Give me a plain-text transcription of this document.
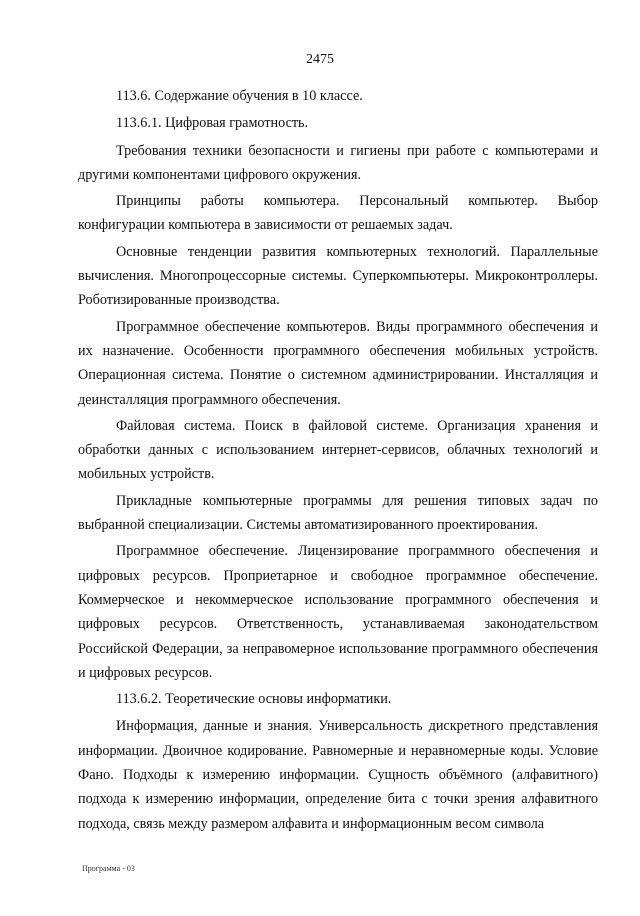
2475

113.6. Содержание обучения в 10 классе.

113.6.1. Цифровая грамотность.

Требования техники безопасности и гигиены при работе с компьютерами и другими компонентами цифрового окружения.

Принципы работы компьютера. Персональный компьютер. Выбор конфигурации компьютера в зависимости от решаемых задач.

Основные тенденции развития компьютерных технологий. Параллельные вычисления. Многопроцессорные системы. Суперкомпьютеры. Микроконтроллеры. Роботизированные производства.

Программное обеспечение компьютеров. Виды программного обеспечения и их назначение. Особенности программного обеспечения мобильных устройств. Операционная система. Понятие о системном администрировании. Инсталляция и деинсталляция программного обеспечения.

Файловая система. Поиск в файловой системе. Организация хранения и обработки данных с использованием интернет-сервисов, облачных технологий и мобильных устройств.

Прикладные компьютерные программы для решения типовых задач по выбранной специализации. Системы автоматизированного проектирования.

Программное обеспечение. Лицензирование программного обеспечения и цифровых ресурсов. Проприетарное и свободное программное обеспечение. Коммерческое и некоммерческое использование программного обеспечения и цифровых ресурсов. Ответственность, устанавливаемая законодательством Российской Федерации, за неправомерное использование программного обеспечения и цифровых ресурсов.

113.6.2. Теоретические основы информатики.

Информация, данные и знания. Универсальность дискретного представления информации. Двоичное кодирование. Равномерные и неравномерные коды. Условие Фано. Подходы к измерению информации. Сущность объёмного (алфавитного) подхода к измерению информации, определение бита с точки зрения алфавитного подхода, связь между размером алфавита и информационным весом символа

Программа - 03
